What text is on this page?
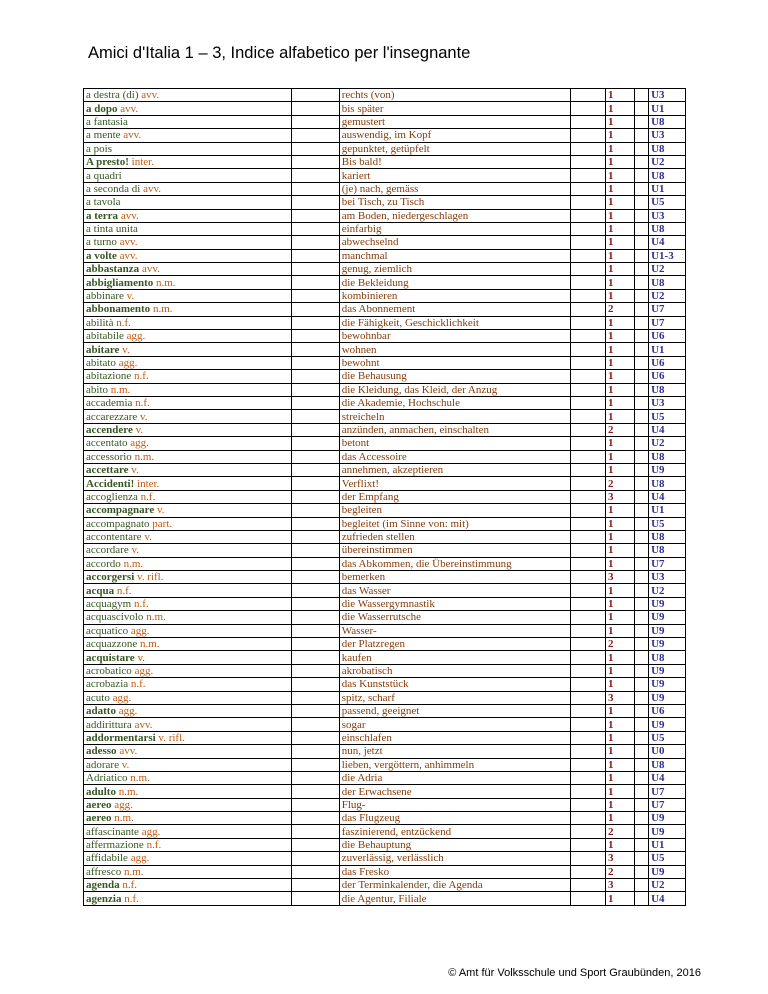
Amici d'Italia 1 – 3, Indice alfabetico per l'insegnante
a destra (di) avv.		rechts (von)		1		U3
a dopo avv.		bis später		1		U1
a fantasia		gemustert		1		U8
a mente avv.		auswendig, im Kopf		1		U3
a pois		gepunktet, getüpfelt		1		U8
A presto! inter.		Bis bald!		1		U2
a quadri		kariert		1		U8
a seconda di avv.		(je) nach, gemäss		1		U1
a tavola		bei Tisch, zu Tisch		1		U5
a terra avv.		am Boden, niedergeschlagen		1		U3
a tinta unita		einfarbig		1		U8
a turno avv.		abwechselnd		1		U4
a volte avv.		manchmal		1		U1-3
abbastanza avv.		genug, ziemlich		1		U2
abbigliamento n.m.		die Bekleidung		1		U8
abbinare v.		kombinieren		1		U2
abbonamento n.m.		das Abonnement		2		U7
abilità n.f.		die Fähigkeit, Geschicklichkeit		1		U7
abitabile agg.		bewohnbar		1		U6
abitare v.		wohnen		1		U1
abitato agg.		bewohnt		1		U6
abitazione n.f.		die Behausung		1		U6
abito n.m.		die Kleidung, das Kleid, der Anzug		1		U8
accademia n.f.		die Akademie, Hochschule		1		U3
accarezzare v.		streicheln		1		U5
accendere v.		anzünden, anmachen, einschalten		2		U4
accentato agg.		betont		1		U2
accessorio n.m.		das Accessoire		1		U8
accettare v.		annehmen, akzeptieren		1		U9
Accidenti! inter.		Verflixt!		2		U8
accoglienza n.f.		der Empfang		3		U4
accompagnare v.		begleiten		1		U1
accompagnato part.		begleitet (im Sinne von: mit)		1		U5
accontentare v.		zufrieden stellen		1		U8
accordare v.		übereinstimmen		1		U8
accordo n.m.		das Abkommen, die Übereinstimmung		1		U7
accorgersi v. rifl.		bemerken		3		U3
acqua n.f.		das Wasser		1		U2
acquagym n.f.		die Wassergymnastik		1		U9
acquascivolo n.m.		die Wasserrutsche		1		U9
acquatico agg.		Wasser-		1		U9
acquazzone n.m.		der Platzregen		2		U9
acquistare v.		kaufen		1		U8
acrobatico agg.		akrobatisch		1		U9
acrobazia n.f.		das Kunststück		1		U9
acuto agg.		spitz, scharf		3		U9
adatto agg.		passend, geeignet		1		U6
addirittura avv.		sogar		1		U9
addormentarsi v. rifl.		einschlafen		1		U5
adesso avv.		nun, jetzt		1		U0
adorare v.		lieben, vergöttern, anhimmeln		1		U8
Adriatico n.m.		die Adria		1		U4
adulto n.m.		der Erwachsene		1		U7
aereo agg.		Flug-		1		U7
aereo n.m.		das Flugzeug		1		U9
affascinante agg.		faszinierend, entzückend		2		U9
affermazione n.f.		die Behauptung		1		U1
affidabile agg.		zuverlässig, verlässlich		3		U5
affresco n.m.		das Fresko		2		U9
agenda n.f.		der Terminkalender, die Agenda		3		U2
agenzia n.f.		die Agentur, Filiale		1		U4
© Amt für Volksschule und Sport Graubünden, 2016
